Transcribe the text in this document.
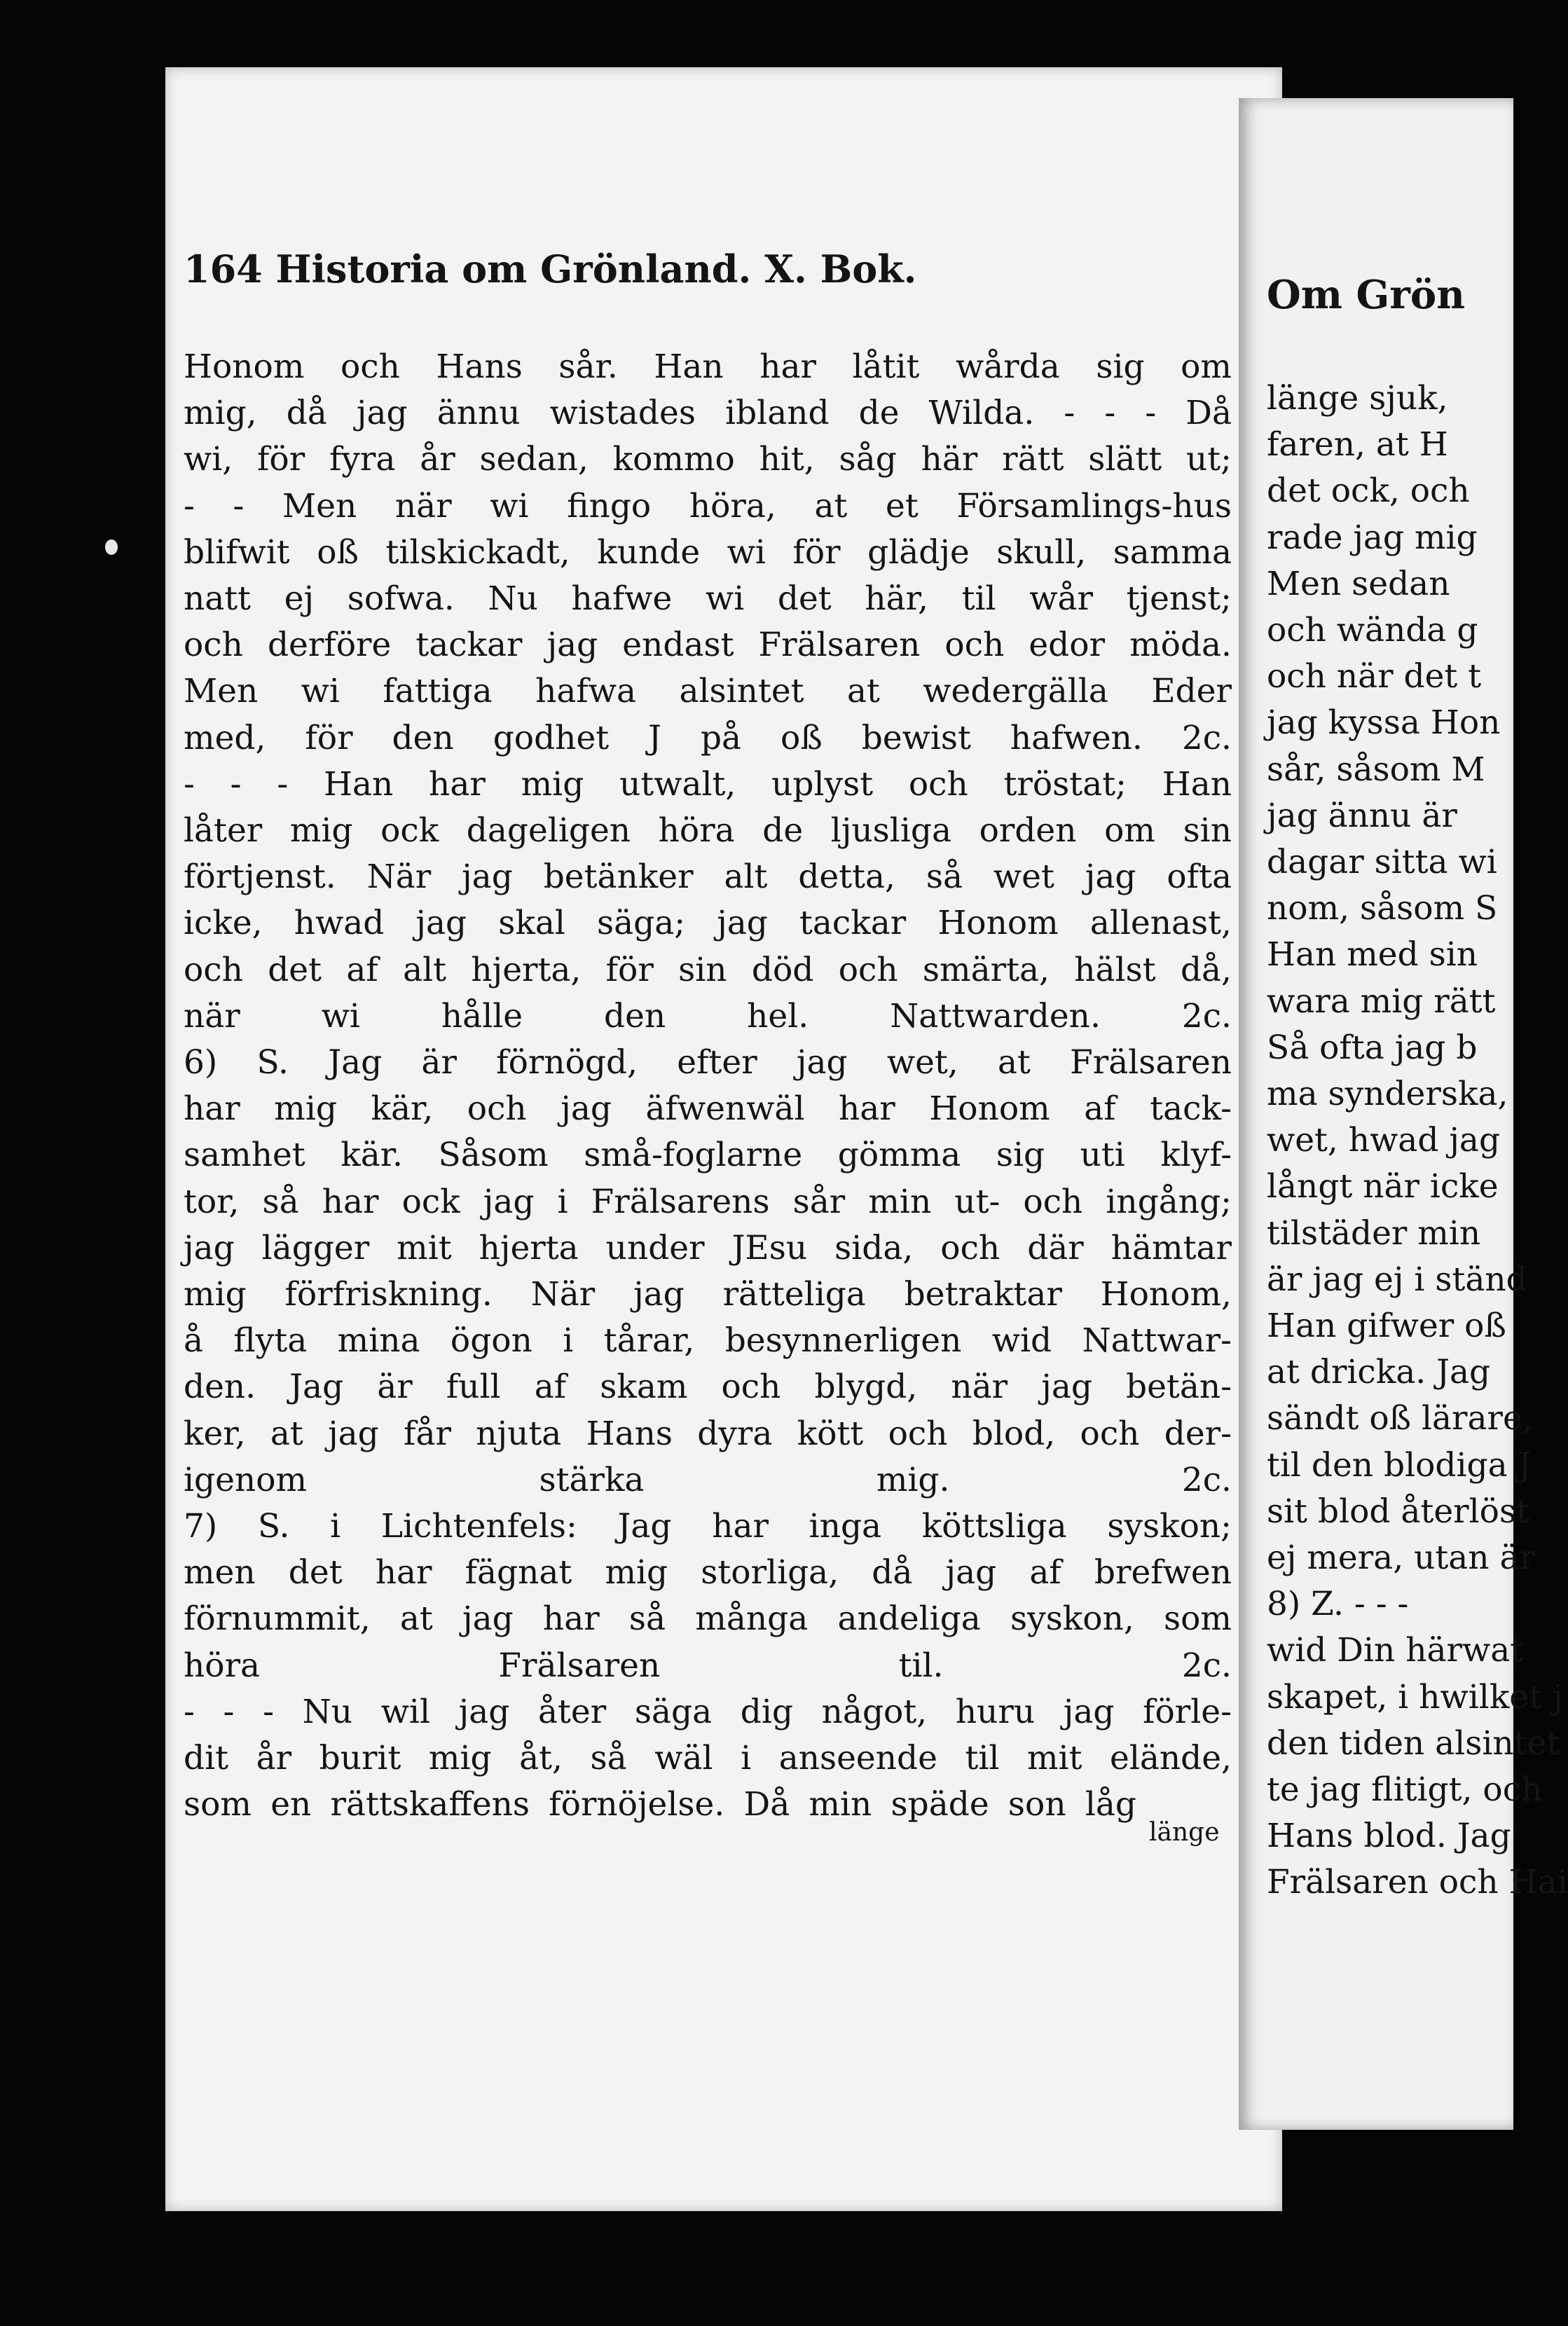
164 Historia om Grönland. X. Bok.
Honom och Hans sår. Han har låtit wårda sig om
mig, då jag ännu wistades ibland de Wilda. - - - Då
wi, för fyra år sedan, kommo hit, såg här rätt slätt ut;
- - Men när wi fingo höra, at et Församlings-hus
blifwit oß tilskickadt, kunde wi för glädje skull, samma
natt ej sofwa. Nu hafwe wi det här, til wår tjenst;
och derföre tackar jag endast Frälsaren och edor möda.
Men wi fattiga hafwa alsintet at wedergälla Eder
med, för den godhet J på oß bewist hafwen. 2c.
- - - Han har mig utwalt, uplyst och tröstat; Han
låter mig ock dageligen höra de ljusliga orden om sin
förtjenst. När jag betänker alt detta, så wet jag ofta
icke, hwad jag skal säga; jag tackar Honom allenast,
och det af alt hjerta, för sin död och smärta, hälst då,
när wi hålle den hel. Nattwarden. 2c.
6) S. Jag är förnögd, efter jag wet, at Frälsaren
har mig kär, och jag äfwenwäl har Honom af tack-
samhet kär. Såsom små-foglarne gömma sig uti klyf-
tor, så har ock jag i Frälsarens sår min ut- och ingång;
jag lägger mit hjerta under JEsu sida, och där hämtar
mig förfriskning. När jag rätteliga betraktar Honom,
å flyta mina ögon i tårar, besynnerligen wid Nattwar-
den. Jag är full af skam och blygd, när jag betän-
ker, at jag får njuta Hans dyra kött och blod, och der-
igenom stärka mig. 2c.
7) S. i Lichtenfels: Jag har inga köttsliga syskon;
men det har fägnat mig storliga, då jag af brefwen
förnummit, at jag har så många andeliga syskon, som
höra Frälsaren til. 2c.
- - - Nu wil jag åter säga dig något, huru jag förle-
dit år burit mig åt, så wäl i anseende til mit elände,
som en rättskaffens förnöjelse. Då min späde son låg
länge
Om Grön
länge sjuk,
faren, at H
det ock, och
rade jag mig
Men sedan
och wända g
och när det t
jag kyssa Hon
sår, såsom M
jag ännu är
dagar sitta wi
nom, såsom S
Han med sin
wara mig rätt
Så ofta jag b
ma synderska,
wet, hwad jag
långt när icke
tilstäder min
är jag ej i ständ
Han gifwer oß
at dricka. Jag
sändt oß lärare,
til den blodiga J
sit blod återlöst
ej mera, utan är
8) Z. - - -
wid Din härwat
skapet, i hwilket j
den tiden alsintet
te jag flitigt, och
Hans blod. Jag
Frälsaren och Hai
